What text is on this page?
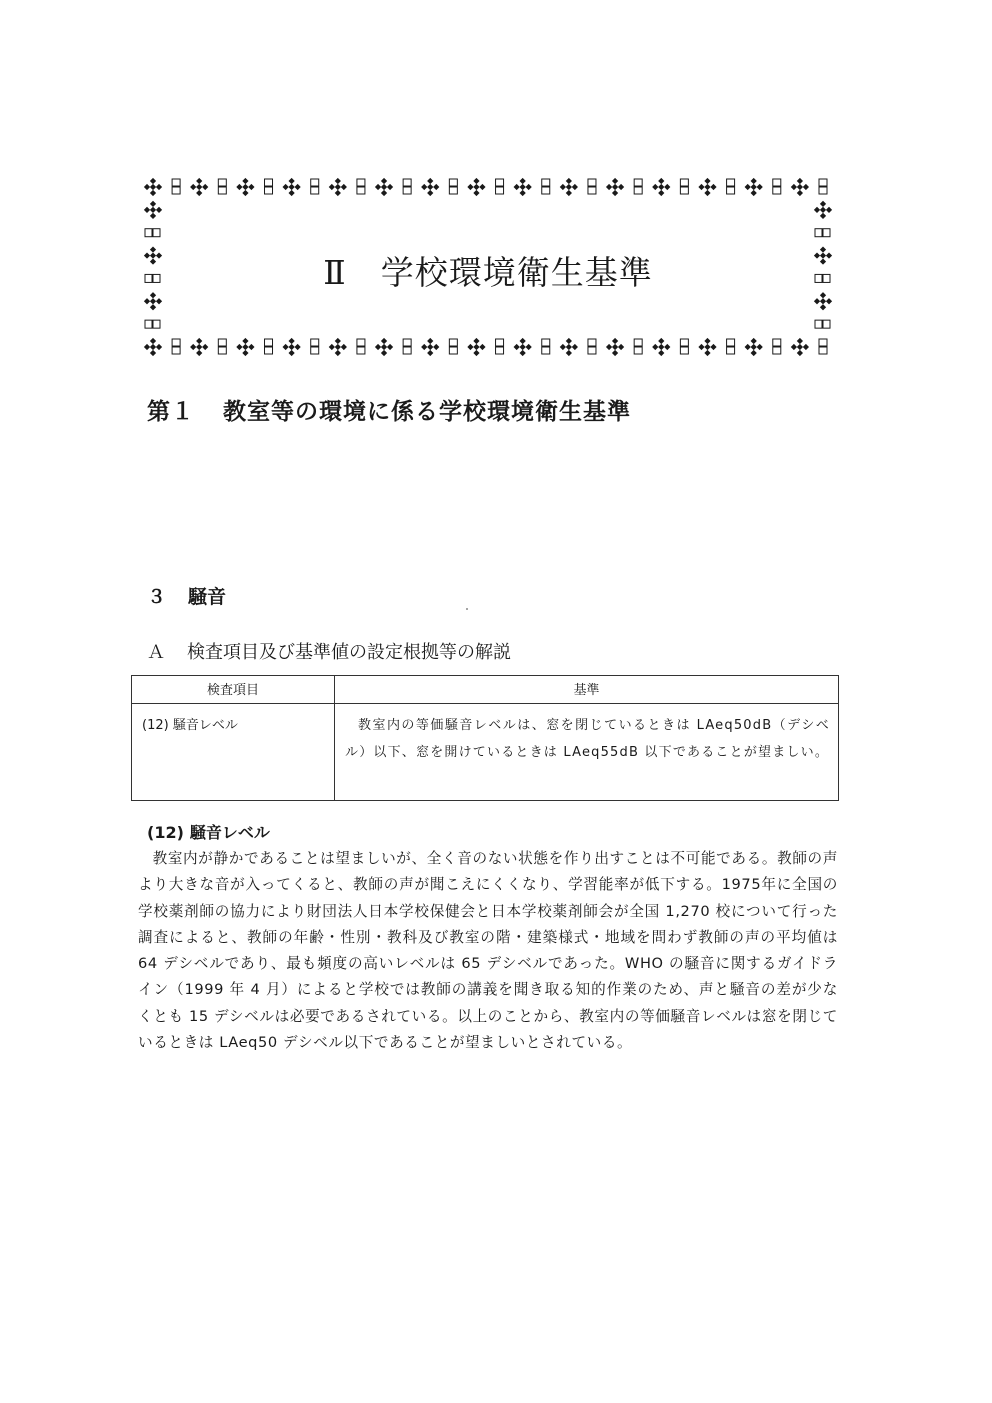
Ⅱ 学校環境衛生基準
第１ 教室等の環境に係る学校環境衛生基準
３ 騒音
Ａ 検査項目及び基準値の設定根拠等の解説
検査項目	基準
(12) 騒音レベル	教室内の等価騒音レベルは、窓を閉じているときは LAeq50dB（デシベル）以下、窓を開けているときは LAeq55dB 以下であることが望ましい。
(12) 騒音レベル

教室内が静かであることは望ましいが、全く音のない状態を作り出すことは不可能である。教師の声より大きな音が入ってくると、教師の声が聞こえにくくなり、学習能率が低下する。1975年に全国の学校薬剤師の協力により財団法人日本学校保健会と日本学校薬剤師会が全国 1,270 校について行った調査によると、教師の年齢・性別・教科及び教室の階・建築様式・地域を問わず教師の声の平均値は 64 デシベルであり、最も頻度の高いレベルは 65 デシベルであった。WHO の騒音に関するガイドライン（1999 年 4 月）によると学校では教師の講義を聞き取る知的作業のため、声と騒音の差が少なくとも 15 デシベルは必要であるされている。以上のことから、教室内の等価騒音レベルは窓を閉じているときは LAeq50 デシベル以下であることが望ましいとされている。
